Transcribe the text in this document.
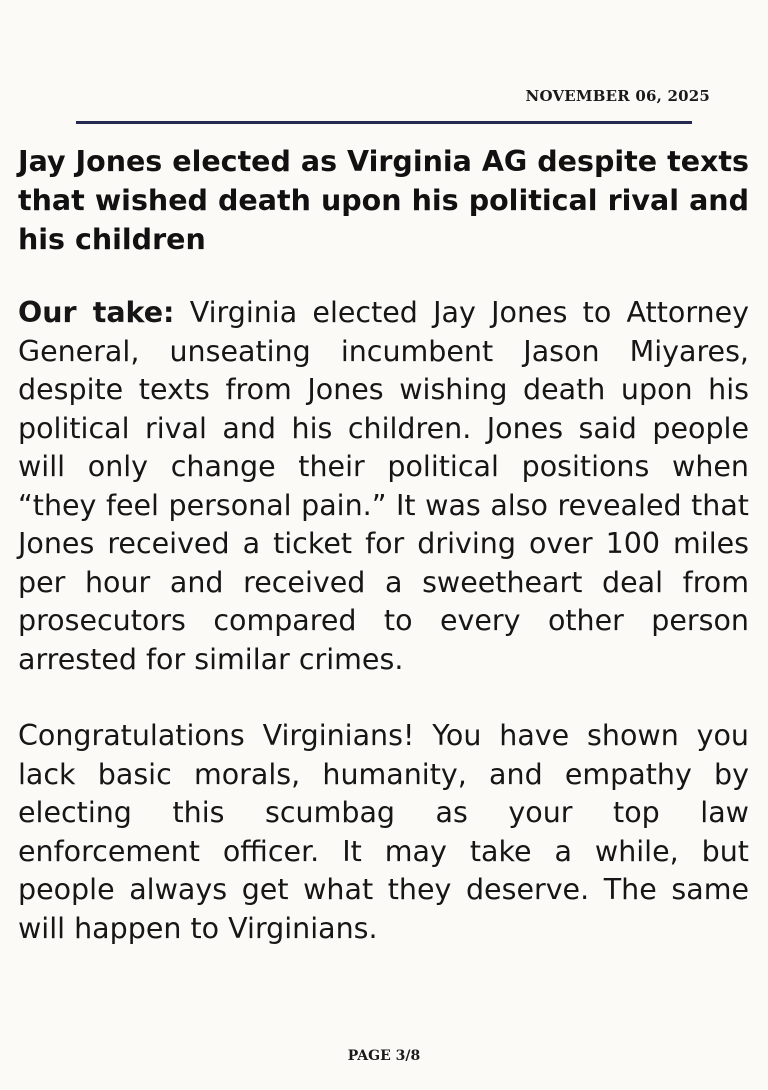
NOVEMBER 06, 2025
Jay Jones elected as Virginia AG despite texts that wished death upon his political rival and his children

Our take: Virginia elected Jay Jones to Attorney General, unseating incumbent Jason Miyares, despite texts from Jones wishing death upon his political rival and his children. Jones said people will only change their political positions when “they feel personal pain.” It was also revealed that Jones received a ticket for driving over 100 miles per hour and received a sweetheart deal from prosecutors compared to every other person arrested for similar crimes.

Congratulations Virginians! You have shown you lack basic morals, humanity, and empathy by electing this scumbag as your top law enforcement officer. It may take a while, but people always get what they deserve. The same will happen to Virginians.

PAGE 3/8
